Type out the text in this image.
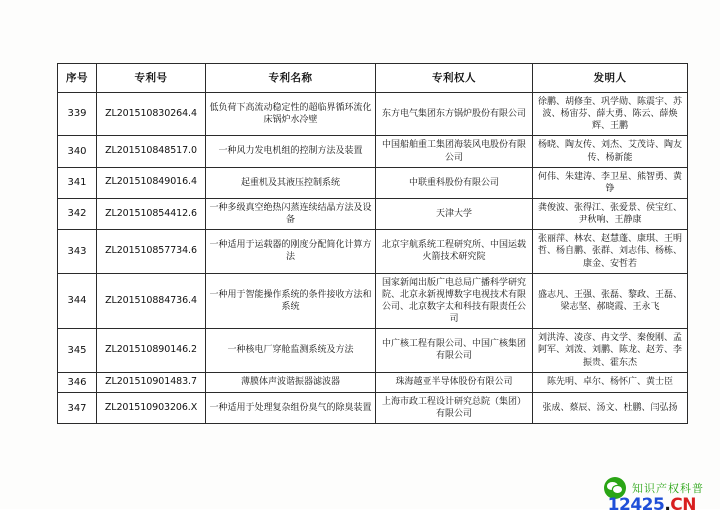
序号	专利号	专利名称	专利权人	发明人
339	ZL201510830264.4	低负荷下高流动稳定性的超临界循环流化床锅炉水冷壁	东方电气集团东方锅炉股份有限公司	徐鹏、胡修奎、巩学勋、陈震宇、苏波、杨宙芬、薛大勇、陈云、薛焕辉、王鹏
340	ZL201510848517.0	一种风力发电机组的控制方法及装置	中国船舶重工集团海装风电股份有限公司	杨晓、陶友传、刘杰、艾茂诗、陶友传、杨新能
341	ZL201510849016.4	起重机及其液压控制系统	中联重科股份有限公司	何伟、朱建涛、李卫星、熊智勇、黄铮
342	ZL201510854412.6	一种多级真空绝热闪蒸连续结晶方法及设备	天津大学	龚俊波、张得江、张爱景、侯宝红、尹秋响、王静康
343	ZL201510857734.6	一种适用于运载器的刚度分配简化计算方法	北京宇航系统工程研究所、中国运载火箭技术研究院	张丽萍、林农、赵慧蓬、康琪、王明哲、杨自鹏、张群、刘志伟、杨栋、康金、安哲若
344	ZL201510884736.4	一种用于智能操作系统的条件接收方法和系统	国家新闻出版广电总局广播科学研究院、北京永新视博数字电视技术有限公司、北京数字太和科技有限责任公司	盛志凡、王强、张磊、黎政、王磊、梁志坚、郝晓霞、王永飞
345	ZL201510890146.2	一种核电厂穿舱监测系统及方法	中广核工程有限公司、中国广核集团有限公司	刘洪涛、凌彦、冉文学、秦俊刚、孟阿军、刘泼、刘鹏、陈龙、赵芳、李振贵、霍东杰
346	ZL201510901483.7	薄膜体声波谐振器滤波器	珠海越亚半导体股份有限公司	陈先明、卓尔、杨怀广、黄士臣
347	ZL201510903206.X	一种适用于处理复杂组份臭气的除臭装置	上海市政工程设计研究总院（集团）有限公司	张成、蔡辰、汤文、杜鹏、闫弘扬
知识产权科普
12425.CN
